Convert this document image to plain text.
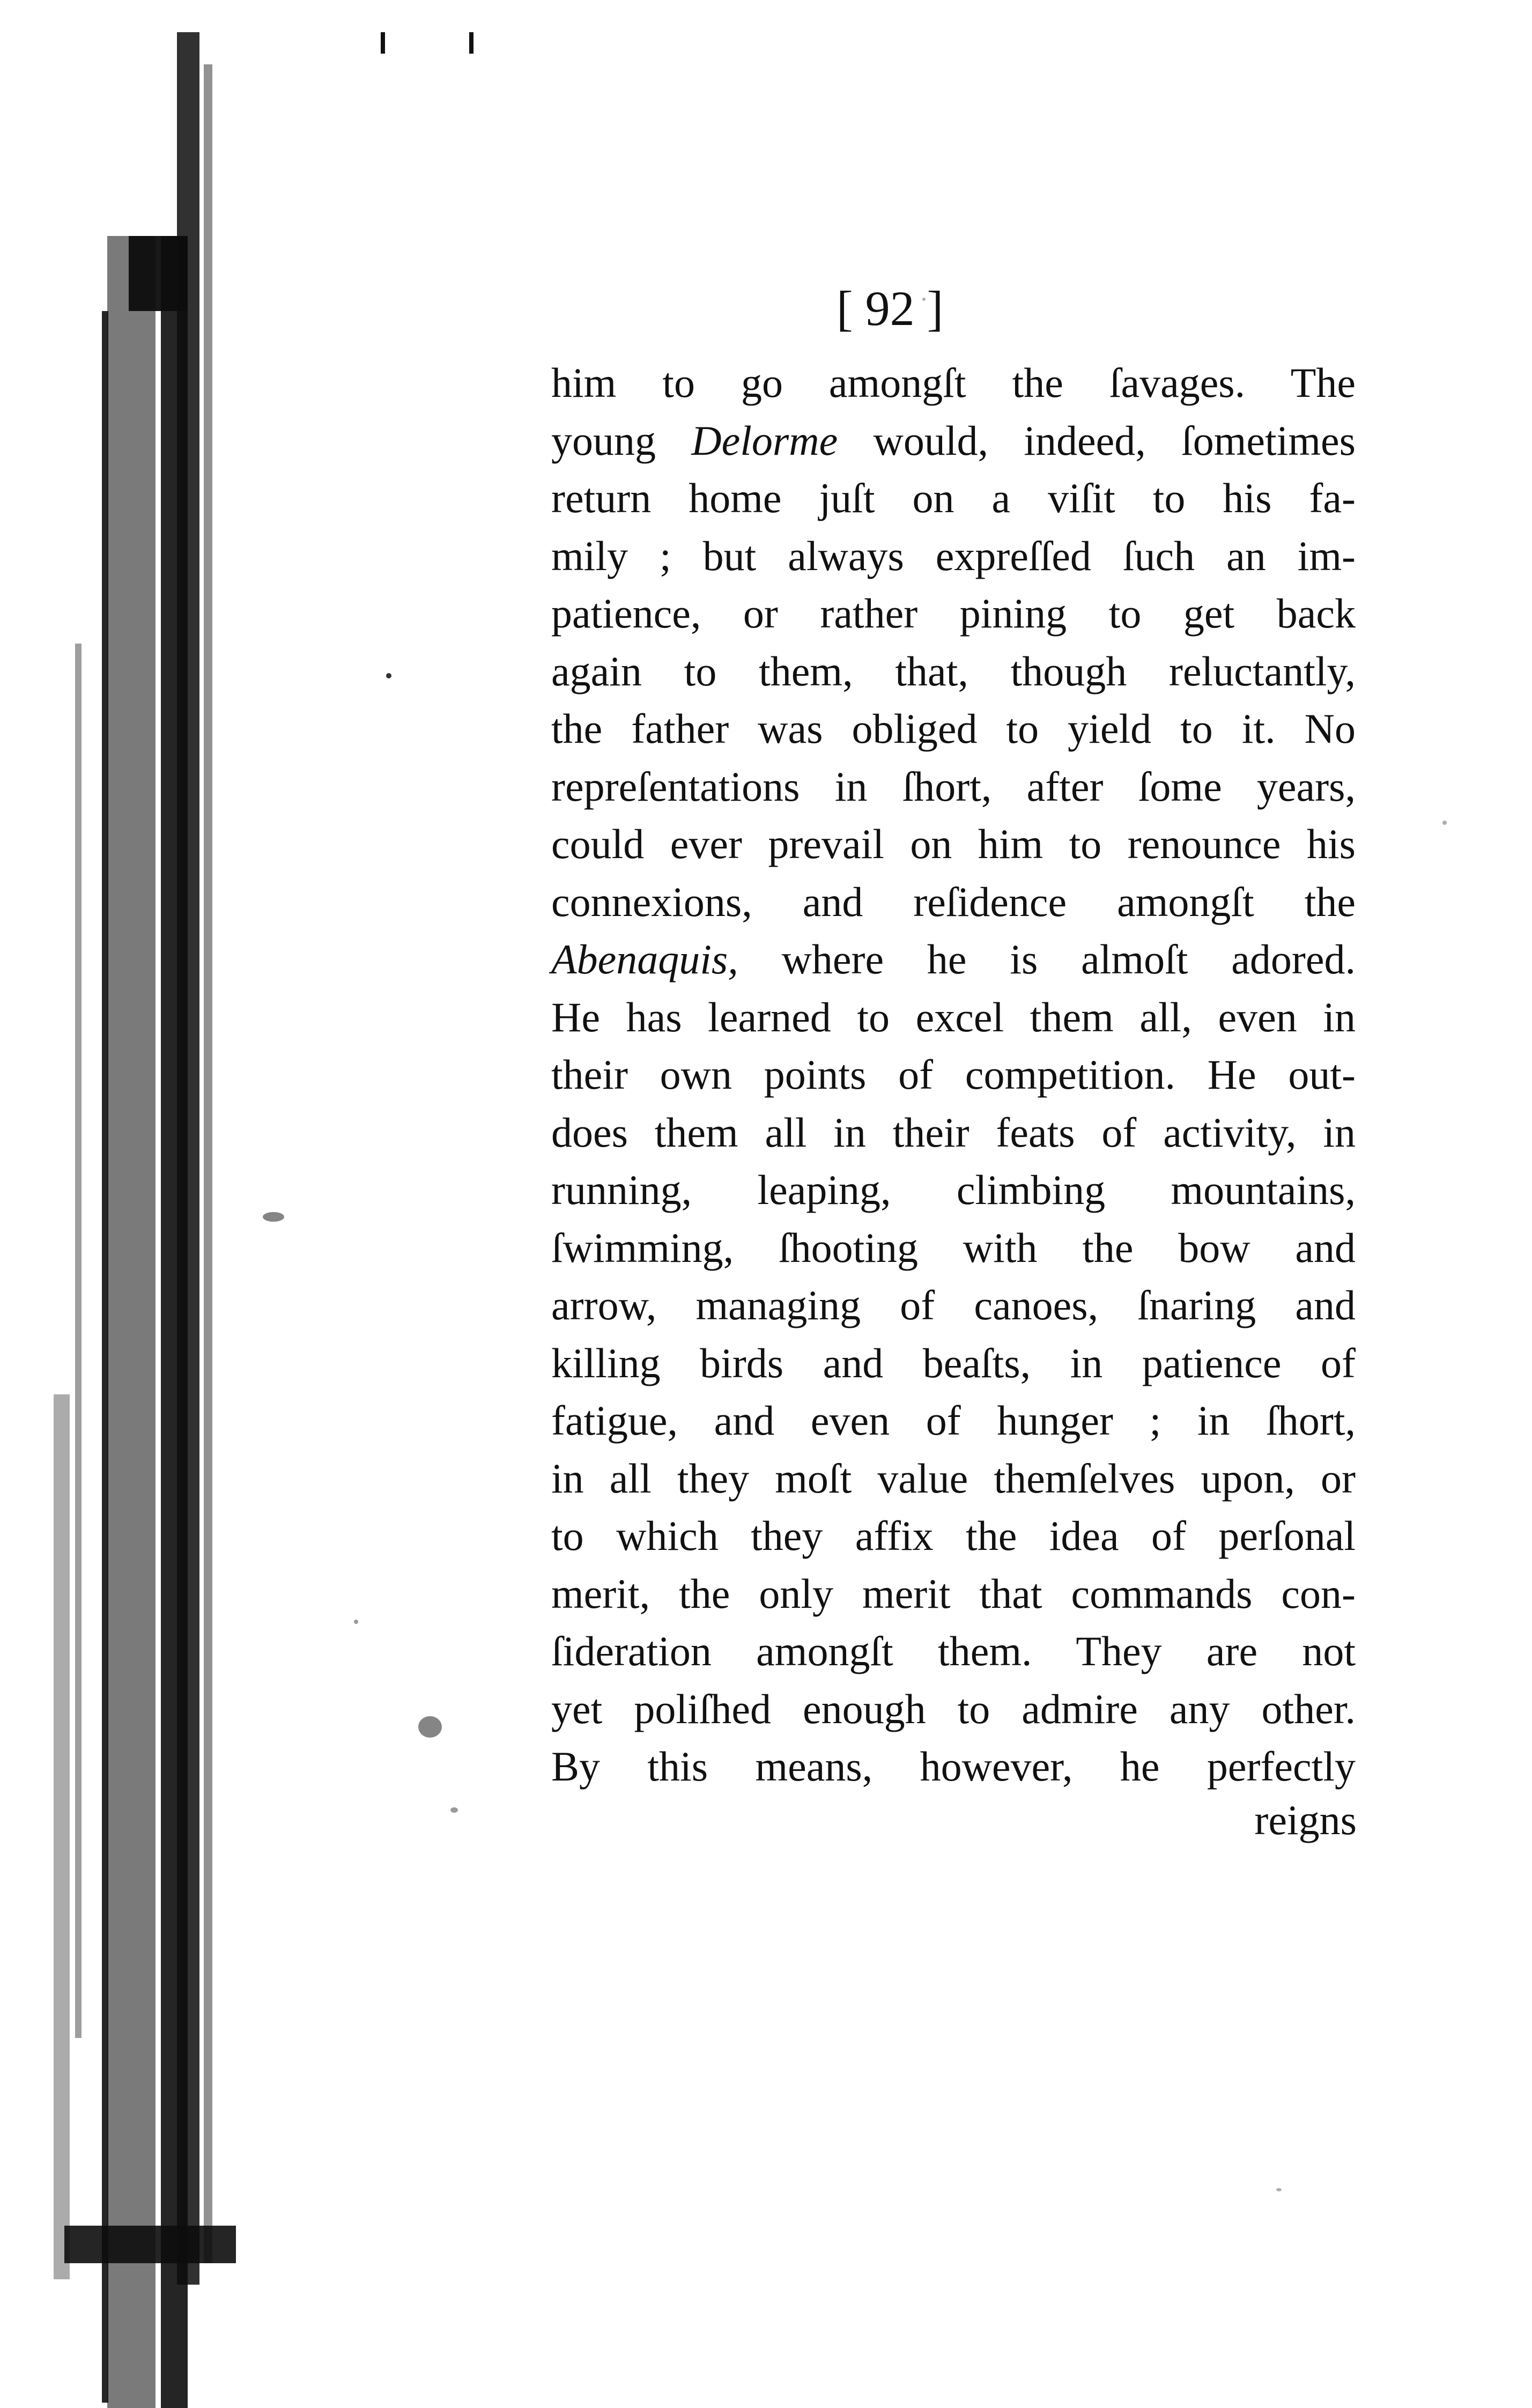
[ 92 ]
him to go amongſt the ſavages. The
young Delorme would, indeed, ſometimes
return home juſt on a viſit to his fa-
mily ; but always expreſſed ſuch an im-
patience, or rather pining to get back
again to them, that, though reluctantly,
the father was obliged to yield to it. No
repreſentations in ſhort, after ſome years,
could ever prevail on him to renounce his
connexions, and reſidence amongſt the
Abenaquis, where he is almoſt adored.
He has learned to excel them all, even in
their own points of competition. He out-
does them all in their feats of activity, in
running, leaping, climbing mountains,
ſwimming, ſhooting with the bow and
arrow, managing of canoes, ſnaring and
killing birds and beaſts, in patience of
fatigue, and even of hunger ; in ſhort,
in all they moſt value themſelves upon, or
to which they affix the idea of perſonal
merit, the only merit that commands con-
ſideration amongſt them. They are not
yet poliſhed enough to admire any other.
By this means, however, he perfectly
reigns
